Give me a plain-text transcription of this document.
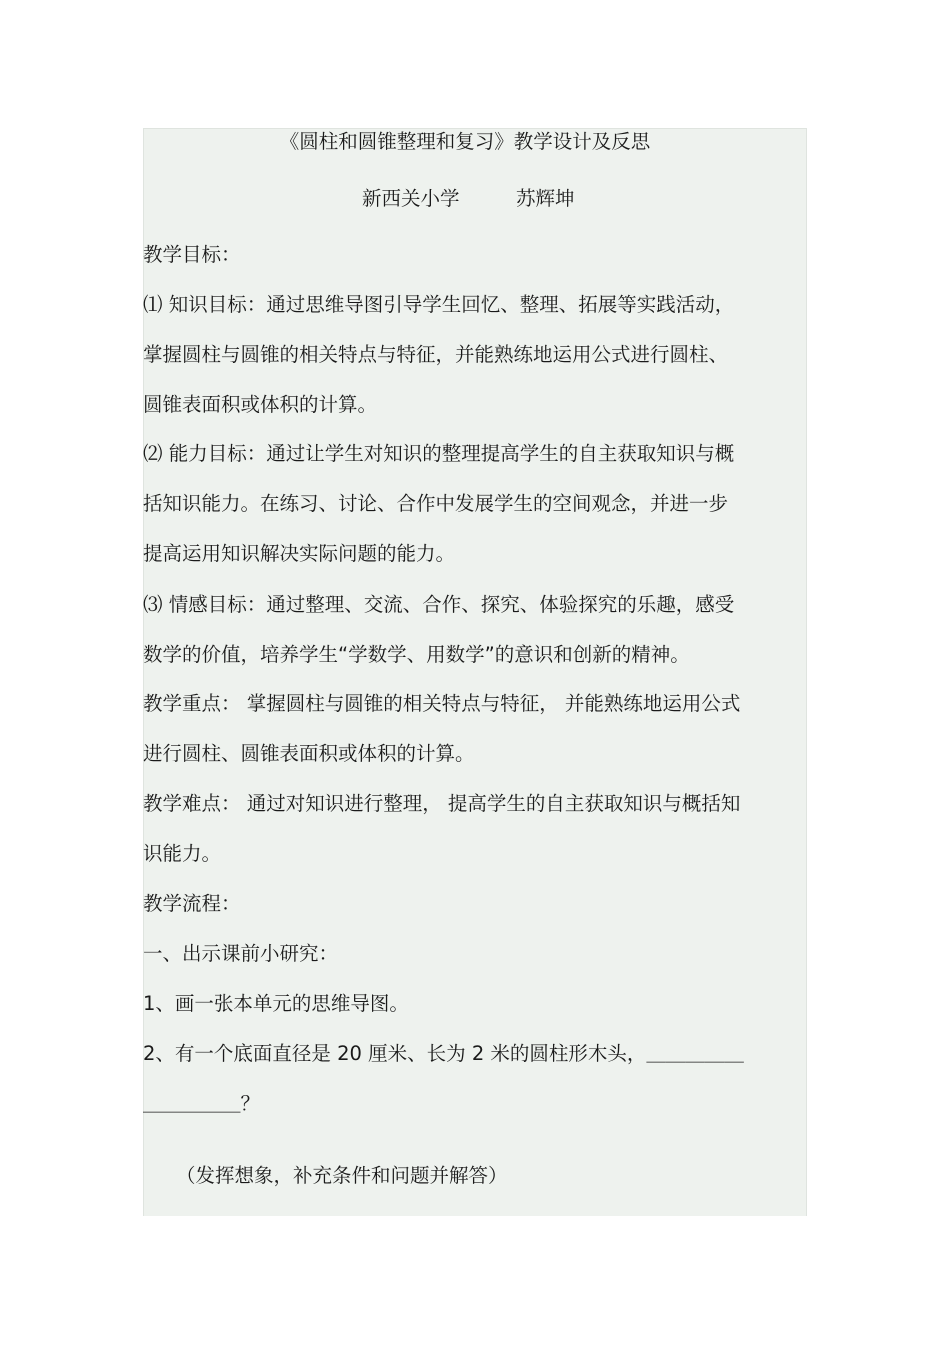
《圆柱和圆锥整理和复习》教学设计及反思
新西关小学	苏辉坤
教学目标：
⑴ 知识目标：通过思维导图引导学生回忆、整理、拓展等实践活动，
掌握圆柱与圆锥的相关特点与特征，并能熟练地运用公式进行圆柱、
圆锥表面积或体积的计算。
⑵ 能力目标：通过让学生对知识的整理提高学生的自主获取知识与概
括知识能力。在练习、讨论、合作中发展学生的空间观念，并进一步
提高运用知识解决实际问题的能力。
⑶ 情感目标：通过整理、交流、合作、探究、体验探究的乐趣，感受
数学的价值，培养学生“学数学、用数学”的意识和创新的精神。
教学重点： 掌握圆柱与圆锥的相关特点与特征， 并能熟练地运用公式
进行圆柱、圆锥表面积或体积的计算。
教学难点： 通过对知识进行整理， 提高学生的自主获取知识与概括知
识能力。
教学流程：
一、出示课前小研究：
1、画一张本单元的思维导图。
2、有一个底面直径是 20 厘米、长为 2 米的圆柱形木头，＿＿＿＿＿
＿＿＿＿＿？
（发挥想象，补充条件和问题并解答）
